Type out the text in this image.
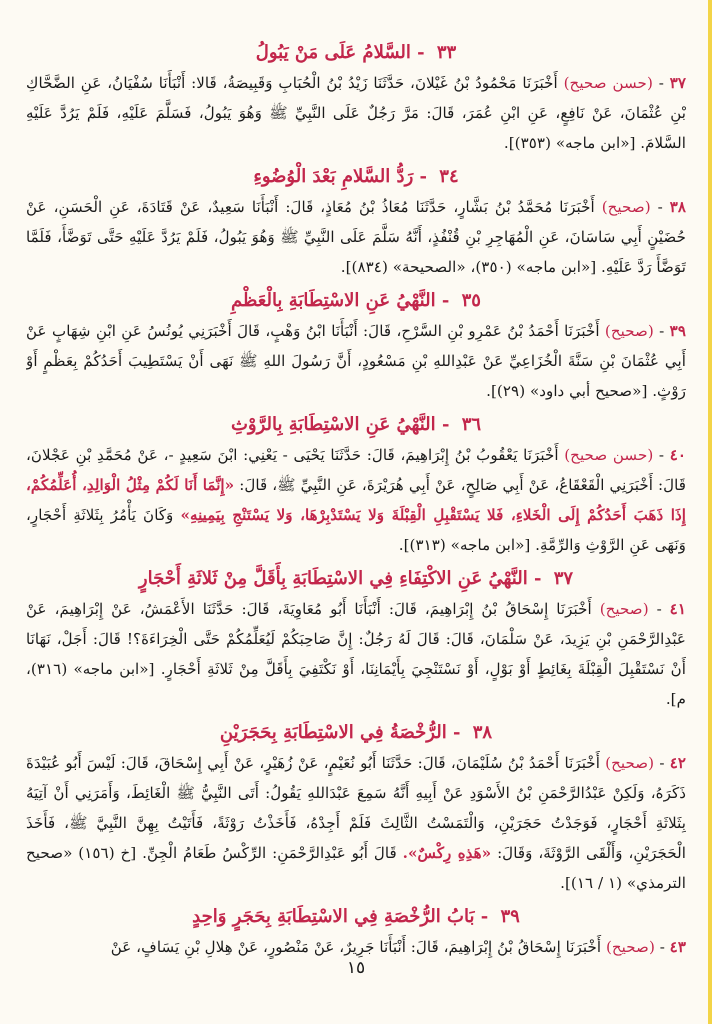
٣٣ - السَّلامُ عَلَى مَنْ يَبُولُ

٣٧ - (حسن صحيح) أَخْبَرَنَا مَحْمُودُ بْنُ غَيْلانَ، حَدَّثَنَا زَيْدُ بْنُ الْحُبَابِ وَقَبِيصَةُ، قَالا: أَنْبَأَنَا سُفْيَانُ، عَنِ الضَّحَّاكِ بْنِ عُثْمَانَ، عَنْ نَافِعٍ، عَنِ ابْنِ عُمَرَ، قَالَ: مَرَّ رَجُلٌ عَلَى النَّبِيِّ ﷺ وَهُوَ يَبُولُ، فَسَلَّمَ عَلَيْهِ، فَلَمْ يَرُدَّ عَلَيْهِ السَّلامَ. [«ابن ماجه» (٣٥٣)].

٣٤ - رَدُّ السَّلامِ بَعْدَ الْوُضُوءِ

٣٨ - (صحيح) أَخْبَرَنَا مُحَمَّدُ بْنُ بَشَّارٍ، حَدَّثَنَا مُعَاذُ بْنُ مُعَاذٍ، قَالَ: أَنْبَأَنَا سَعِيدٌ، عَنْ قَتَادَةَ، عَنِ الْحَسَنِ، عَنْ حُضَيْنٍ أَبِي سَاسَانَ، عَنِ الْمُهَاجِرِ بْنِ قُنْفُذٍ، أَنَّهُ سَلَّمَ عَلَى النَّبِيِّ ﷺ وَهُوَ يَبُولُ، فَلَمْ يَرُدَّ عَلَيْهِ حَتَّى تَوَضَّأَ، فَلَمَّا تَوَضَّأَ رَدَّ عَلَيْهِ. [«ابن ماجه» (٣٥٠)، «الصحيحة» (٨٣٤)].

٣٥ - النَّهْيُ عَنِ الاسْتِطَابَةِ بِالْعَظْمِ

٣٩ - (صحيح) أَخْبَرَنَا أَحْمَدُ بْنُ عَمْرِو بْنِ السَّرْحِ، قَالَ: أَنْبَأَنَا ابْنُ وَهْبٍ، قَالَ أَخْبَرَنِي يُونُسُ عَنِ ابْنِ شِهَابٍ عَنْ أَبِي عُثْمَانَ بْنِ سَنَّةَ الْخُزَاعِيِّ عَنْ عَبْدِاللهِ بْنِ مَسْعُودٍ، أَنَّ رَسُولَ اللهِ ﷺ نَهَى أَنْ يَسْتَطِيبَ أَحَدُكُمْ بِعَظْمٍ أَوْ رَوْثٍ. [«صحيح أبي داود» (٢٩)].

٣٦ - النَّهْيُ عَنِ الاسْتِطَابَةِ بِالرَّوْثِ

٤٠ - (حسن صحيح) أَخْبَرَنَا يَعْقُوبُ بْنُ إِبْرَاهِيمَ، قَالَ: حَدَّثَنَا يَحْيَى - يَعْنِي: ابْنَ سَعِيدٍ -، عَنْ مُحَمَّدِ بْنِ عَجْلانَ، قَالَ: أَخْبَرَنِي الْقَعْقَاعُ، عَنْ أَبِي صَالِحٍ، عَنْ أَبِي هُرَيْرَةَ، عَنِ النَّبِيِّ ﷺ، قَالَ: «إِنَّمَا أَنَا لَكُمْ مِثْلُ الْوَالِدِ، أُعَلِّمُكُمْ، إِذَا ذَهَبَ أَحَدُكُمْ إِلَى الْخَلاءِ، فَلا يَسْتَقْبِلِ الْقِبْلَةَ وَلا يَسْتَدْبِرْهَا، وَلا يَسْتَنْجِ بِيَمِينِهِ» وَكَانَ يَأْمُرُ بِثَلاثَةِ أَحْجَارٍ، وَنَهَى عَنِ الرَّوْثِ وَالرِّمَّةِ. [«ابن ماجه» (٣١٣)].

٣٧ - النَّهْيُ عَنِ الاكْتِفَاءِ فِي الاسْتِطَابَةِ بِأَقَلَّ مِنْ ثَلاثَةِ أَحْجَارٍ

٤١ - (صحيح) أَخْبَرَنَا إِسْحَاقُ بْنُ إِبْرَاهِيمَ، قَالَ: أَنْبَأَنَا أَبُو مُعَاوِيَةَ، قَالَ: حَدَّثَنَا الأَعْمَشُ، عَنْ إِبْرَاهِيمَ، عَنْ عَبْدِالرَّحْمَنِ بْنِ يَزِيدَ، عَنْ سَلْمَانَ، قَالَ: قَالَ لَهُ رَجُلٌ: إِنَّ صَاحِبَكُمْ لَيُعَلِّمُكُمْ حَتَّى الْخِرَاءَةَ؟! قَالَ: أَجَلْ، نَهَانَا أَنْ نَسْتَقْبِلَ الْقِبْلَةَ بِغَائِطٍ أَوْ بَوْلٍ، أَوْ نَسْتَنْجِيَ بِأَيْمَانِنَا، أَوْ نَكْتَفِيَ بِأَقَلَّ مِنْ ثَلاثَةِ أَحْجَارٍ. [«ابن ماجه» (٣١٦)، م].

٣٨ - الرُّخْصَةُ فِي الاسْتِطَابَةِ بِحَجَرَيْنِ

٤٢ - (صحيح) أَخْبَرَنَا أَحْمَدُ بْنُ سُلَيْمَانَ، قَالَ: حَدَّثَنَا أَبُو نُعَيْمٍ، عَنْ زُهَيْرٍ، عَنْ أَبِي إِسْحَاقَ، قَالَ: لَيْسَ أَبُو عُبَيْدَةَ ذَكَرَهُ، وَلَكِنْ عَبْدُالرَّحْمَنِ بْنُ الأَسْوَدِ عَنْ أَبِيهِ أَنَّهُ سَمِعَ عَبْدَاللهِ يَقُولُ: أَتَى النَّبِيُّ ﷺ الْغَائِطَ، وَأَمَرَنِي أَنْ آتِيَهُ بِثَلاثَةِ أَحْجَارٍ، فَوَجَدْتُ حَجَرَيْنِ، وَالْتَمَسْتُ الثَّالِثَ فَلَمْ أَجِدْهُ، فَأَخَذْتُ رَوْثَةً، فَأَتَيْتُ بِهِنَّ النَّبِيَّ ﷺ، فَأَخَذَ الْحَجَرَيْنِ، وَأَلْقَى الرَّوْثَةَ، وَقَالَ: «هَذِهِ رِكْسٌ». قَالَ أَبُو عَبْدِالرَّحْمَنِ: الرِّكْسُ طَعَامُ الْجِنِّ. [خ (١٥٦) «صحيح الترمذي» (١ / ١٦)].

٣٩ - بَابُ الرُّخْصَةِ فِي الاسْتِطَابَةِ بِحَجَرٍ وَاحِدٍ

٤٣ - (صحيح) أَخْبَرَنَا إِسْحَاقُ بْنُ إِبْرَاهِيمَ، قَالَ: أَنْبَأَنَا جَرِيرٌ، عَنْ مَنْصُورٍ، عَنْ هِلالِ بْنِ يَسَافٍ، عَنْ

١٥
